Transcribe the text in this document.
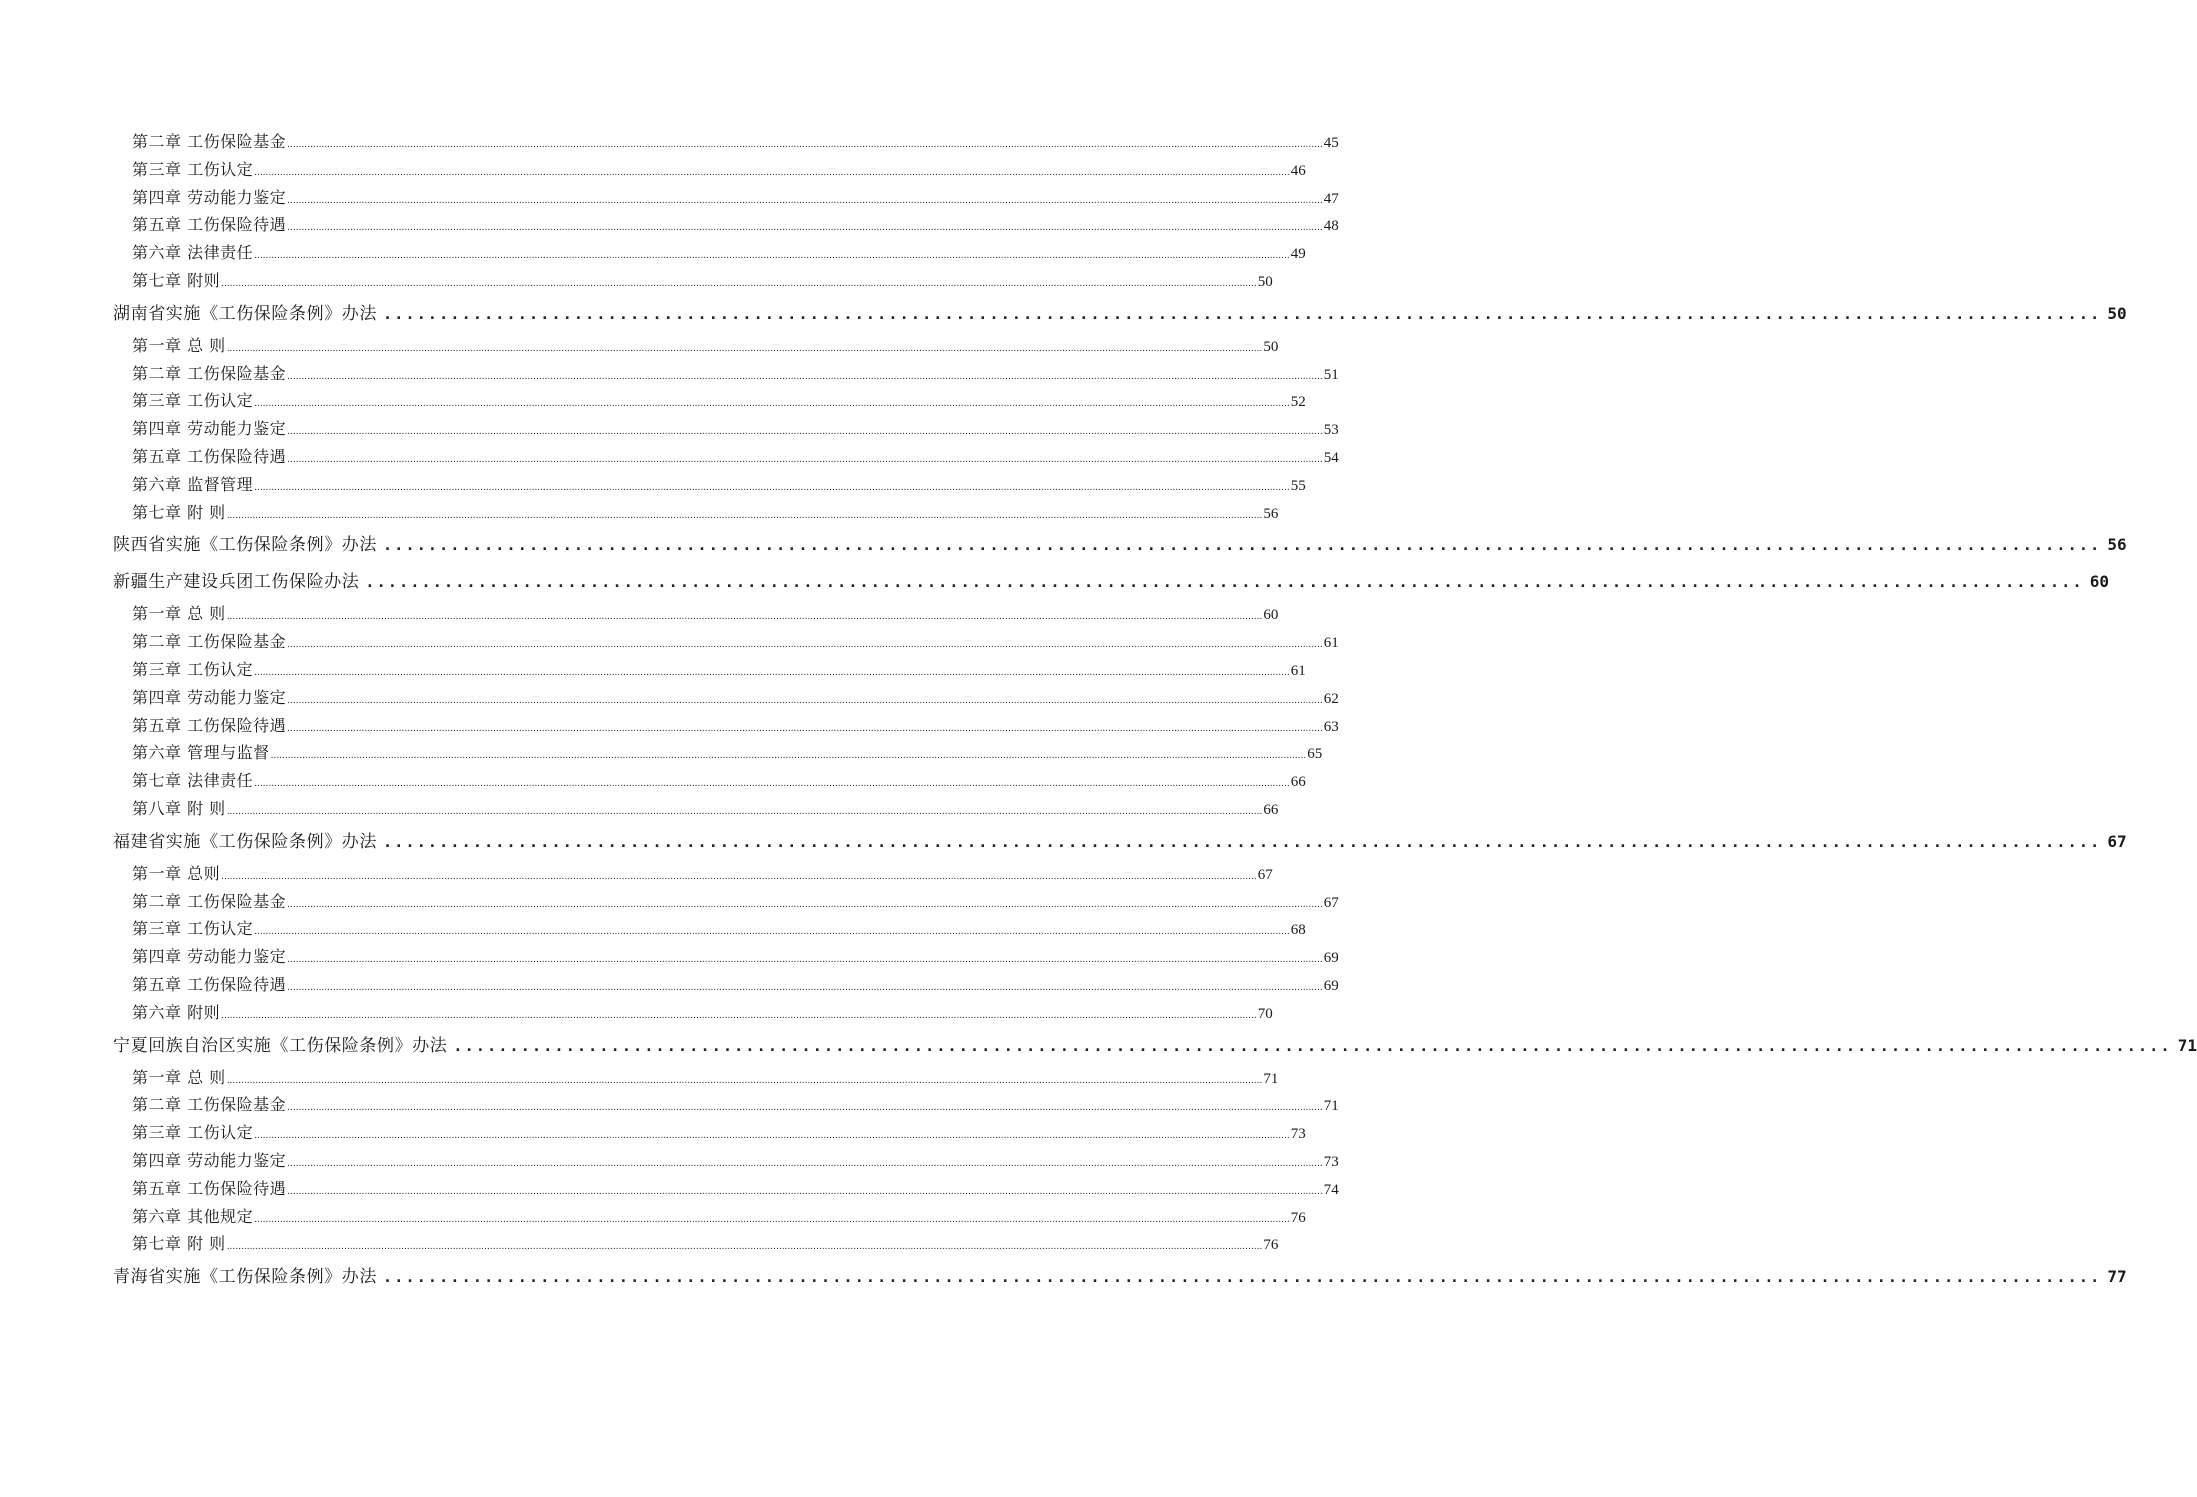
第二章 工伤保险基金 .......................................................................................................................................................................................................................................................................................................................................................................... 45
第三章 工伤认定 .......................................................................................................................................................................................................................................................................................................................................................................... 46
第四章 劳动能力鉴定 .......................................................................................................................................................................................................................................................................................................................................................................... 47
第五章 工伤保险待遇 .......................................................................................................................................................................................................................................................................................................................................................................... 48
第六章 法律责任 .......................................................................................................................................................................................................................................................................................................................................................................... 49
第七章 附则 .......................................................................................................................................................................................................................................................................................................................................................................... 50
湖南省实施《工伤保险条例》办法 ......................................................................................................................................................... 50
第一章 总 则 .......................................................................................................................................................................................................................................................................................................................................................................... 50
第二章 工伤保险基金 .......................................................................................................................................................................................................................................................................................................................................................................... 51
第三章 工伤认定 .......................................................................................................................................................................................................................................................................................................................................................................... 52
第四章 劳动能力鉴定 .......................................................................................................................................................................................................................................................................................................................................................................... 53
第五章 工伤保险待遇 .......................................................................................................................................................................................................................................................................................................................................................................... 54
第六章 监督管理 .......................................................................................................................................................................................................................................................................................................................................................................... 55
第七章 附 则 .......................................................................................................................................................................................................................................................................................................................................................................... 56
陕西省实施《工伤保险条例》办法 ......................................................................................................................................................... 56
新疆生产建设兵团工伤保险办法 ......................................................................................................................................................... 60
第一章 总 则 .......................................................................................................................................................................................................................................................................................................................................................................... 60
第二章 工伤保险基金 .......................................................................................................................................................................................................................................................................................................................................................................... 61
第三章 工伤认定 .......................................................................................................................................................................................................................................................................................................................................................................... 61
第四章 劳动能力鉴定 .......................................................................................................................................................................................................................................................................................................................................................................... 62
第五章 工伤保险待遇 .......................................................................................................................................................................................................................................................................................................................................................................... 63
第六章 管理与监督 .......................................................................................................................................................................................................................................................................................................................................................................... 65
第七章 法律责任 .......................................................................................................................................................................................................................................................................................................................................................................... 66
第八章 附 则 .......................................................................................................................................................................................................................................................................................................................................................................... 66
福建省实施《工伤保险条例》办法 ......................................................................................................................................................... 67
第一章 总则 .......................................................................................................................................................................................................................................................................................................................................................................... 67
第二章 工伤保险基金 .......................................................................................................................................................................................................................................................................................................................................................................... 67
第三章 工伤认定 .......................................................................................................................................................................................................................................................................................................................................................................... 68
第四章 劳动能力鉴定 .......................................................................................................................................................................................................................................................................................................................................................................... 69
第五章 工伤保险待遇 .......................................................................................................................................................................................................................................................................................................................................................................... 69
第六章 附则 .......................................................................................................................................................................................................................................................................................................................................................................... 70
宁夏回族自治区实施《工伤保险条例》办法 ......................................................................................................................................................... 71
第一章 总 则 .......................................................................................................................................................................................................................................................................................................................................................................... 71
第二章 工伤保险基金 .......................................................................................................................................................................................................................................................................................................................................................................... 71
第三章 工伤认定 .......................................................................................................................................................................................................................................................................................................................................................................... 73
第四章 劳动能力鉴定 .......................................................................................................................................................................................................................................................................................................................................................................... 73
第五章 工伤保险待遇 .......................................................................................................................................................................................................................................................................................................................................................................... 74
第六章 其他规定 .......................................................................................................................................................................................................................................................................................................................................................................... 76
第七章 附 则 .......................................................................................................................................................................................................................................................................................................................................................................... 76
青海省实施《工伤保险条例》办法 ......................................................................................................................................................... 77
